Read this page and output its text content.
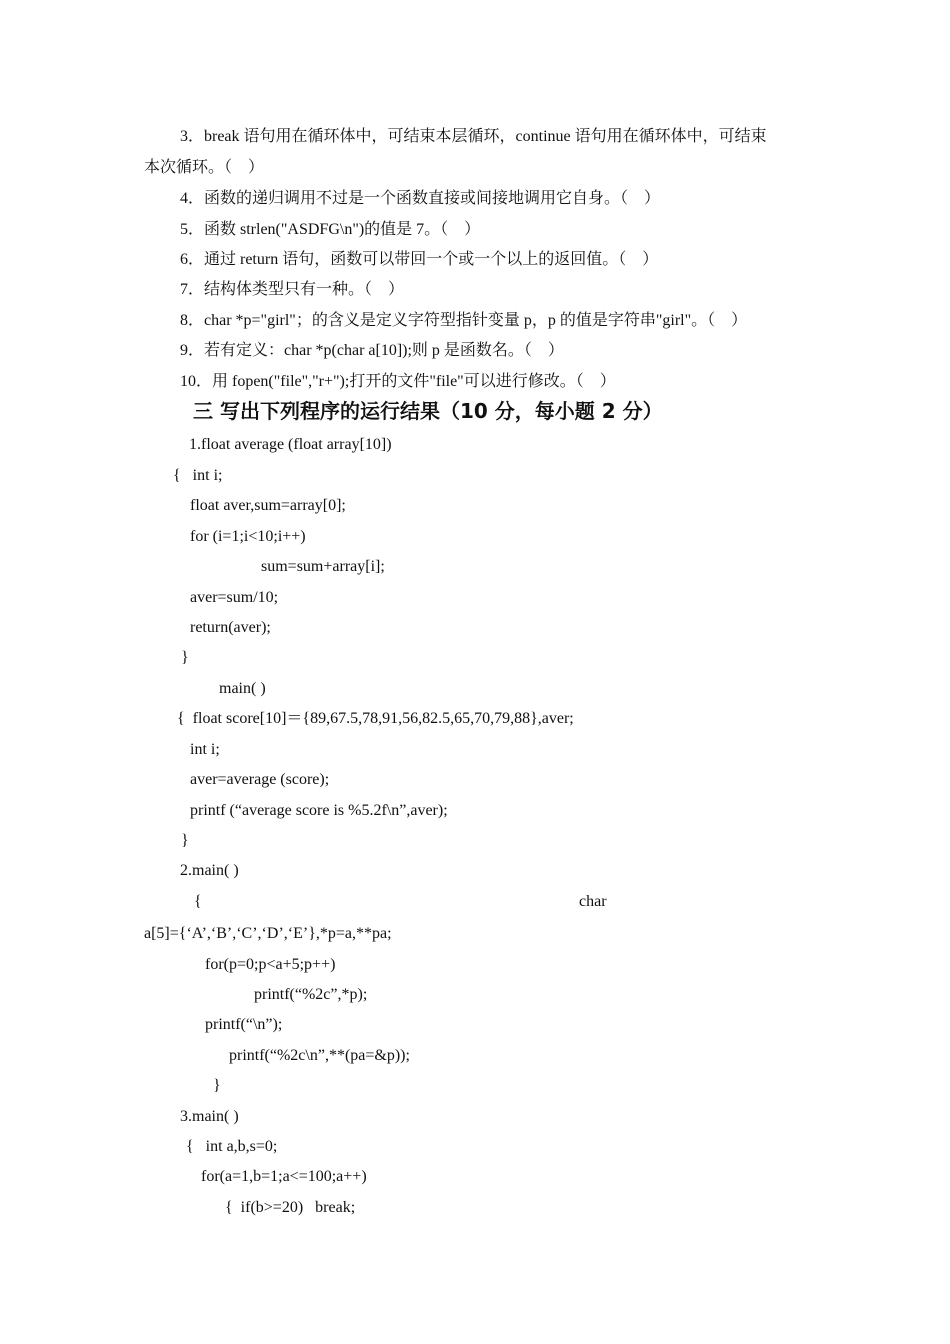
3．break 语句用在循环体中，可结束本层循环，continue 语句用在循环体中，可结束
本次循环。（　）
4．函数的递归调用不过是一个函数直接或间接地调用它自身。（　）
5．函数 strlen("ASDFG\n")的值是 7。（　）
6．通过 return 语句，函数可以带回一个或一个以上的返回值。（　）
7．结构体类型只有一种。（　）
8．char *p="girl"；的含义是定义字符型指针变量 p，p 的值是字符串"girl"。（　）
9．若有定义：char *p(char a[10]);则 p 是函数名。（　）
10．用 fopen("file","r+");打开的文件"file"可以进行修改。（　）
三 写出下列程序的运行结果（10 分，每小题 2 分）
1.float average (float array[10])
{   int i;
float aver,sum=array[0];
for (i=1;i<10;i++)
sum=sum+array[i];
aver=sum/10;
return(aver);
}
main( )
{  float score[10]＝{89,67.5,78,91,56,82.5,65,70,79,88},aver;
int i;
aver=average (score);
printf (“average score is %5.2f\n”,aver);
}
2.main( )
{	char
a[5]={‘A’,‘B’,‘C’,‘D’,‘E’},*p=a,**pa;
for(p=0;p<a+5;p++)
printf(“%2c”,*p);
printf(“\n”);
printf(“%2c\n”,**(pa=&p));
}
3.main( )
{   int a,b,s=0;
for(a=1,b=1;a<=100;a++)
{  if(b>=20)   break;
